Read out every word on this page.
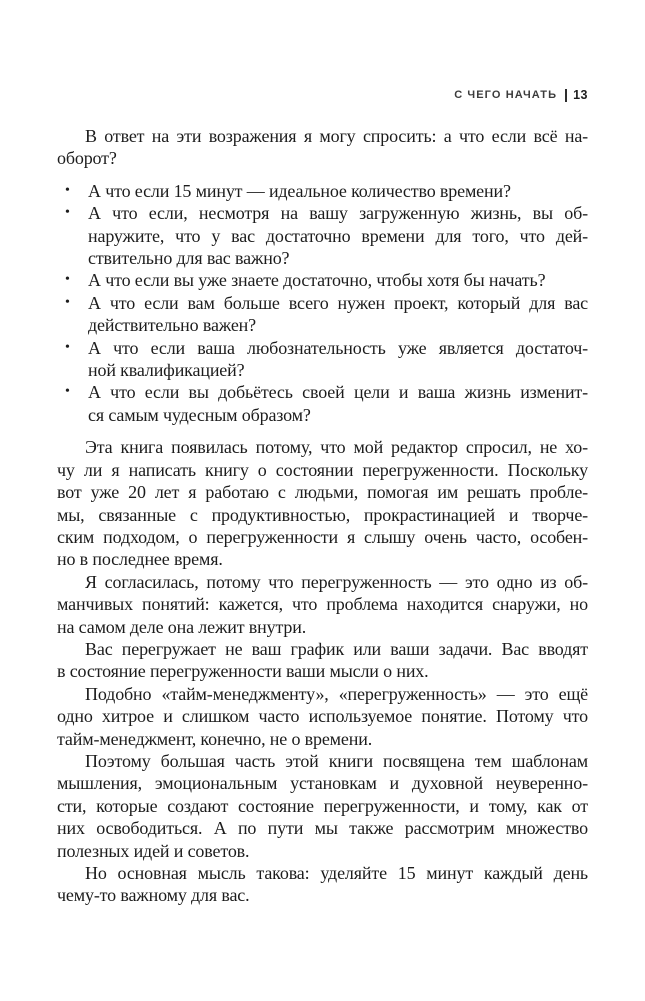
С ЧЕГО НАЧАТЬ 13
В ответ на эти возражения я могу спросить: а что если всё на-
оборот?
• А что если 15 минут — идеальное количество времени?
• А что если, несмотря на вашу загруженную жизнь, вы об-
наружите, что у вас достаточно времени для того, что дей-
ствительно для вас важно?
• А что если вы уже знаете достаточно, чтобы хотя бы начать?
• А что если вам больше всего нужен проект, который для вас
действительно важен?
• А что если ваша любознательность уже является достаточ-
ной квалификацией?
• А что если вы добьётесь своей цели и ваша жизнь изменит-
ся самым чудесным образом?
Эта книга появилась потому, что мой редактор спросил, не хо-
чу ли я написать книгу о состоянии перегруженности. Поскольку
вот уже 20 лет я работаю с людьми, помогая им решать пробле-
мы, связанные с продуктивностью, прокрастинацией и творче-
ским подходом, о перегруженности я слышу очень часто, особен-
но в последнее время.
Я согласилась, потому что перегруженность — это одно из об-
манчивых понятий: кажется, что проблема находится снаружи, но
на самом деле она лежит внутри.
Вас перегружает не ваш график или ваши задачи. Вас вводят
в состояние перегруженности ваши мысли о них.
Подобно «тайм-менеджменту», «перегруженность» — это ещё
одно хитрое и слишком часто используемое понятие. Потому что
тайм-менеджмент, конечно, не о времени.
Поэтому большая часть этой книги посвящена тем шаблонам
мышления, эмоциональным установкам и духовной неуверенно-
сти, которые создают состояние перегруженности, и тому, как от
них освободиться. А по пути мы также рассмотрим множество
полезных идей и советов.
Но основная мысль такова: уделяйте 15 минут каждый день
чему-то важному для вас.
